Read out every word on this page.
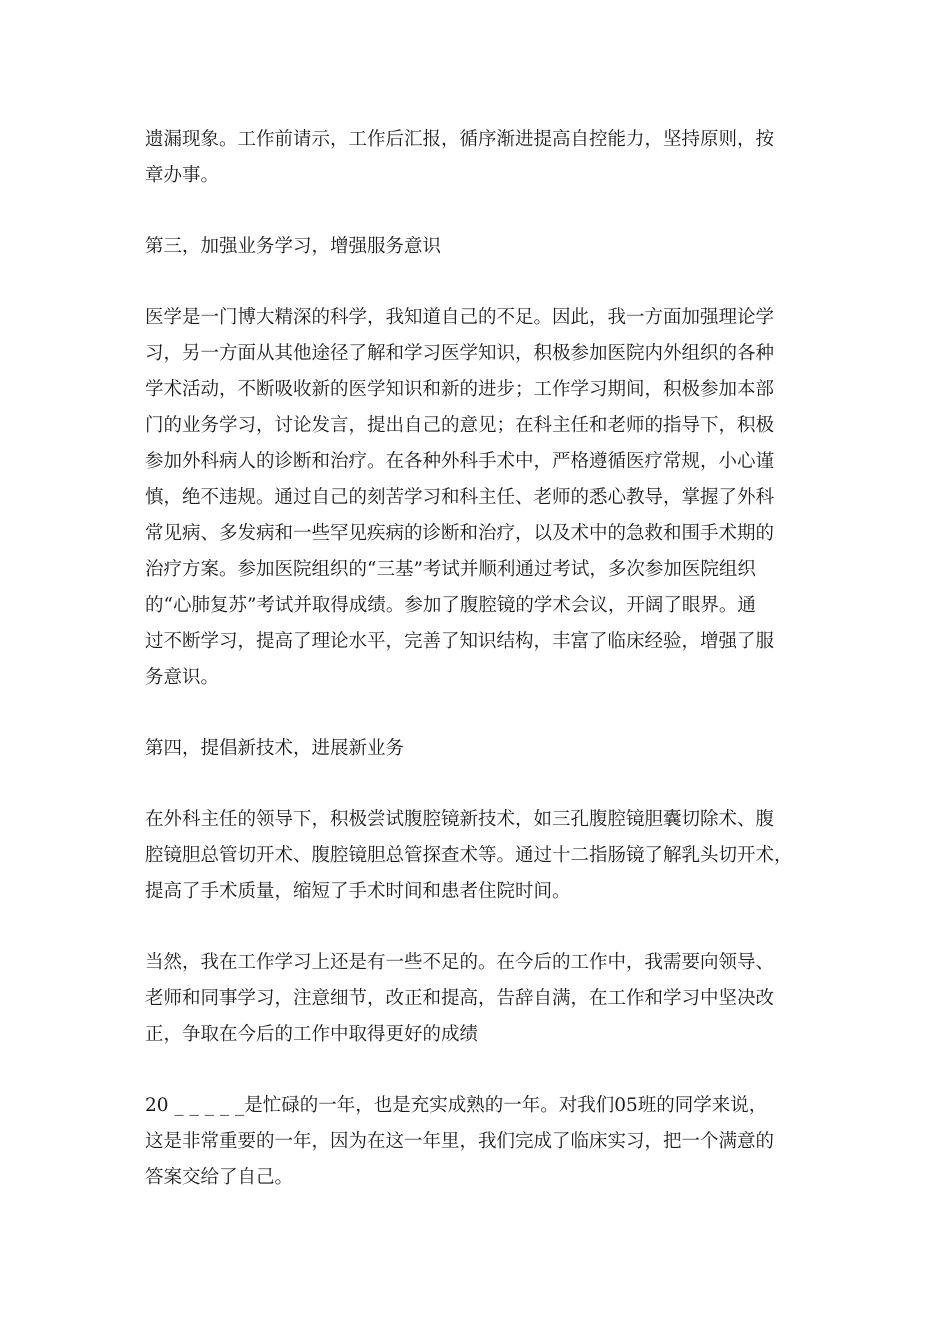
遗漏现象。工作前请示，工作后汇报，循序渐进提高自控能力，坚持原则，按
章办事。

第三，加强业务学习，增强服务意识

医学是一门博大精深的科学，我知道自己的不足。因此，我一方面加强理论学
习，另一方面从其他途径了解和学习医学知识，积极参加医院内外组织的各种
学术活动，不断吸收新的医学知识和新的进步；工作学习期间，积极参加本部
门的业务学习，讨论发言，提出自己的意见；在科主任和老师的指导下，积极
参加外科病人的诊断和治疗。在各种外科手术中，严格遵循医疗常规，小心谨
慎，绝不违规。通过自己的刻苦学习和科主任、老师的悉心教导，掌握了外科
常见病、多发病和一些罕见疾病的诊断和治疗，以及术中的急救和围手术期的
治疗方案。参加医院组织的“三基”考试并顺利通过考试，多次参加医院组织
的“心肺复苏”考试并取得成绩。参加了腹腔镜的学术会议，开阔了眼界。通
过不断学习，提高了理论水平，完善了知识结构，丰富了临床经验，增强了服
务意识。

第四，提倡新技术，进展新业务

在外科主任的领导下，积极尝试腹腔镜新技术，如三孔腹腔镜胆囊切除术、腹
腔镜胆总管切开术、腹腔镜胆总管探查术等。通过十二指肠镜了解乳头切开术，
提高了手术质量，缩短了手术时间和患者住院时间。

当然，我在工作学习上还是有一些不足的。在今后的工作中，我需要向领导、
老师和同事学习，注意细节，改正和提高，告辞自满，在工作和学习中坚决改
正，争取在今后的工作中取得更好的成绩

20 _ _ _ _ _是忙碌的一年，也是充实成熟的一年。对我们05班的同学来说，
这是非常重要的一年，因为在这一年里，我们完成了临床实习，把一个满意的
答案交给了自己。
